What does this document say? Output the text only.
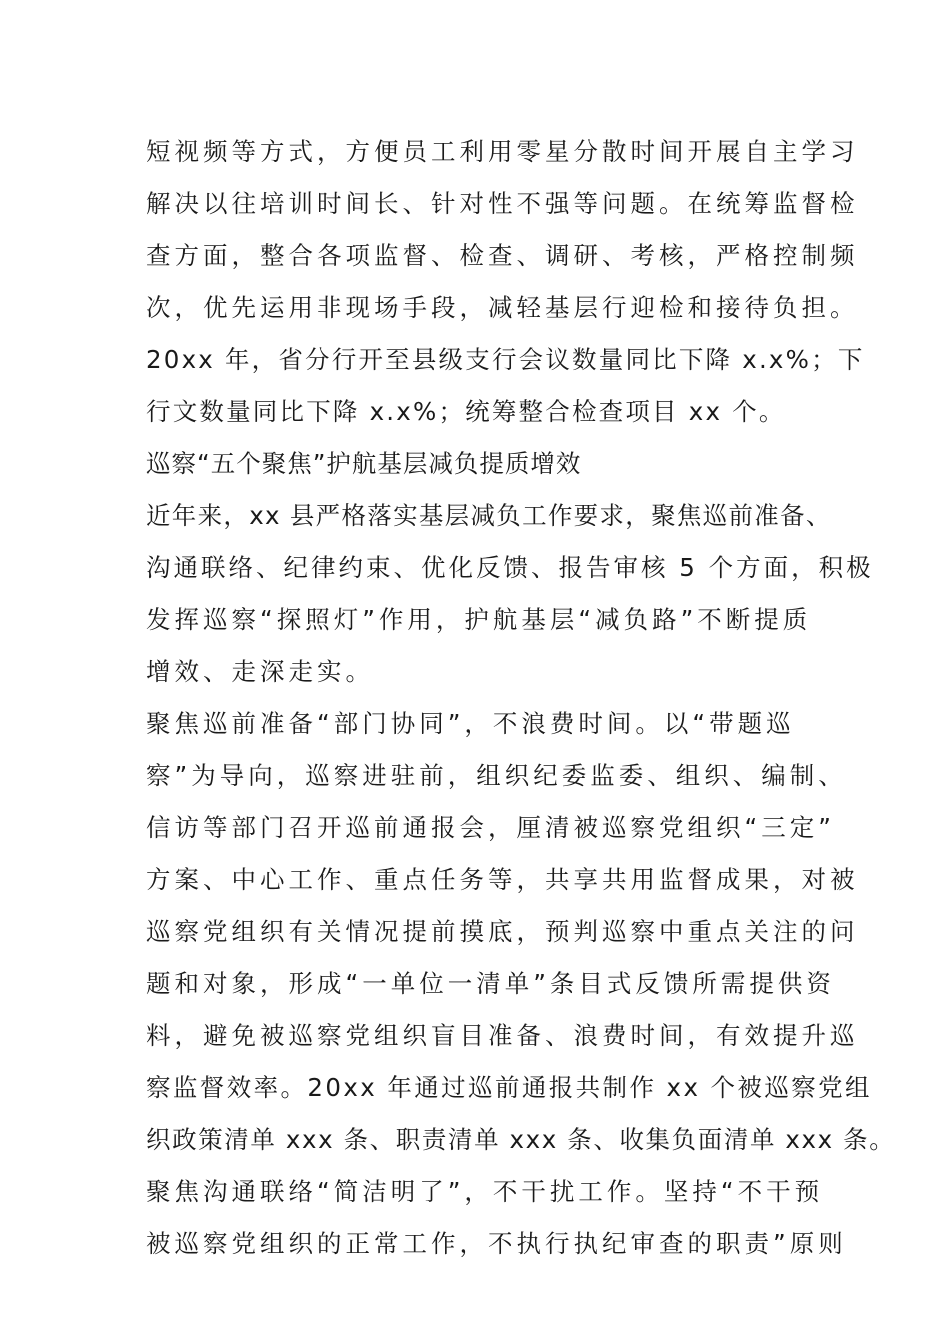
短视频等方式，方便员工利用零星分散时间开展自主学习
解决以往培训时间长、针对性不强等问题。在统筹监督检
查方面，整合各项监督、检查、调研、考核，严格控制频
次，优先运用非现场手段，减轻基层行迎检和接待负担。
20xx 年，省分行开至县级支行会议数量同比下降 x.x%；下
行文数量同比下降 x.x%；统筹整合检查项目 xx 个。
巡察“五个聚焦”护航基层减负提质增效
近年来，xx 县严格落实基层减负工作要求，聚焦巡前准备、
沟通联络、纪律约束、优化反馈、报告审核 5 个方面，积极
发挥巡察“探照灯”作用，护航基层“减负路”不断提质
增效、走深走实。
聚焦巡前准备“部门协同”，不浪费时间。以“带题巡
察”为导向，巡察进驻前，组织纪委监委、组织、编制、
信访等部门召开巡前通报会，厘清被巡察党组织“三定”
方案、中心工作、重点任务等，共享共用监督成果，对被
巡察党组织有关情况提前摸底，预判巡察中重点关注的问
题和对象，形成“一单位一清单”条目式反馈所需提供资
料，避免被巡察党组织盲目准备、浪费时间，有效提升巡
察监督效率。20xx 年通过巡前通报共制作 xx 个被巡察党组
织政策清单 xxx 条、职责清单 xxx 条、收集负面清单 xxx 条。
聚焦沟通联络“简洁明了”，不干扰工作。坚持“不干预
被巡察党组织的正常工作，不执行执纪审查的职责”原则
